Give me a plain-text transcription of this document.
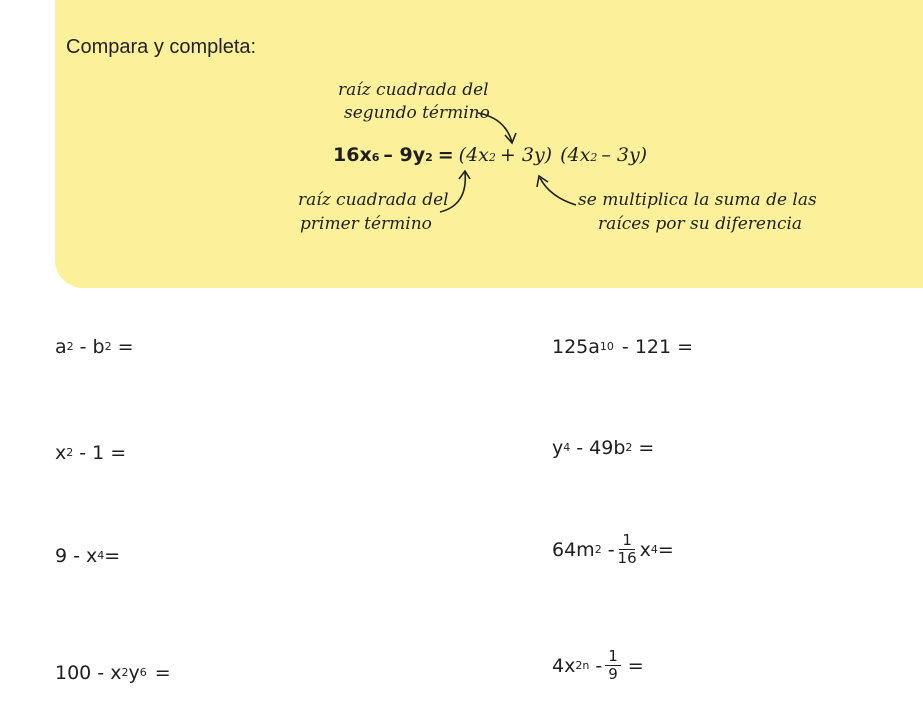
Compara y completa:
raíz cuadrada del
segundo término
raíz cuadrada del
primer término
se multiplica la suma de las
raíces por su diferencia
16x 6 – 9y 2 = (4x 2 + 3y) (4x 2 – 3y)
a 2 - b 2 =	125a 10 - 121 =
x 2 - 1 =	y 4 - 49b 2 =
9 - x 4 =	64m $2 - \frac{1}{16}$ x 4 =
100 - x 2 y 6 =	4x $2n - \frac{1}{9}$ =
